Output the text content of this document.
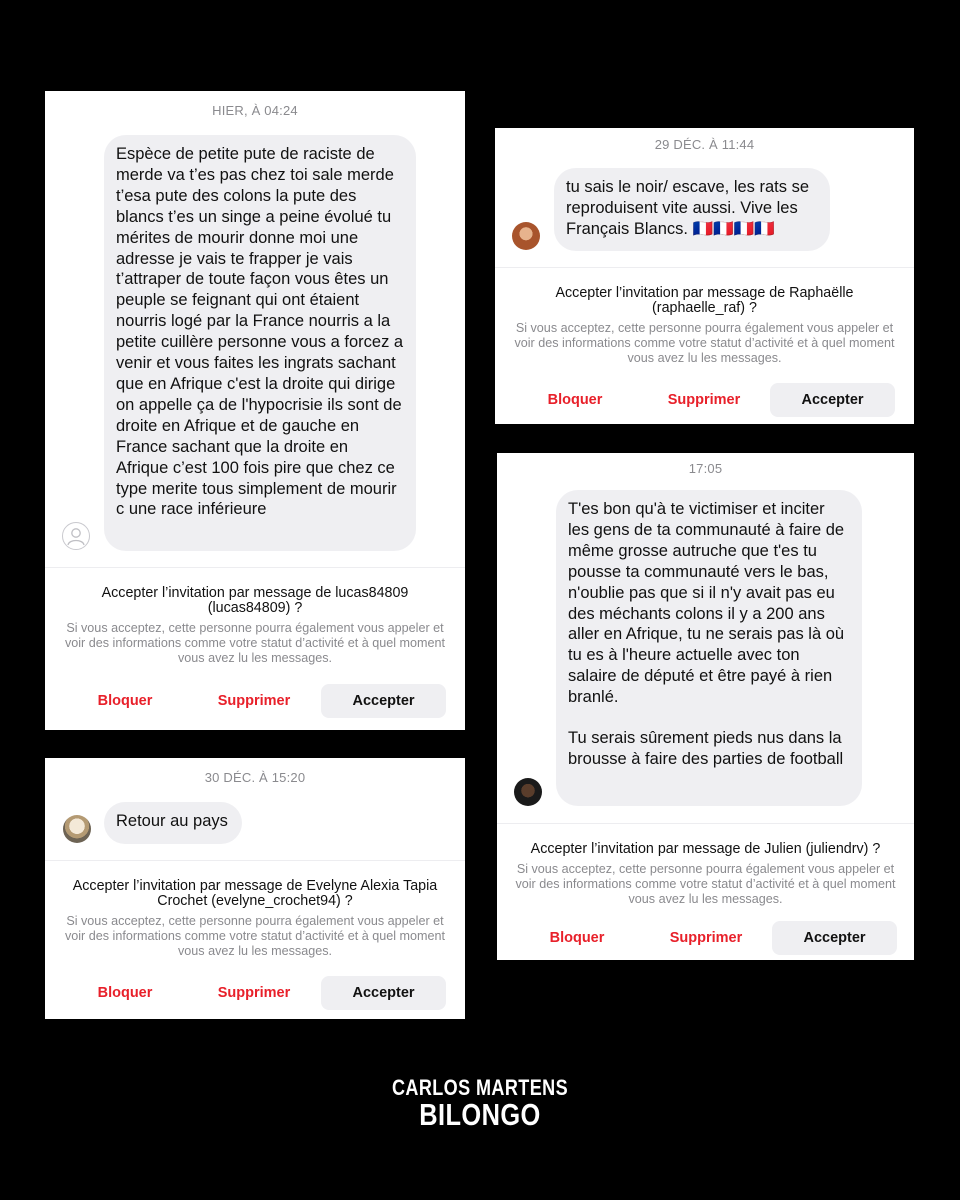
HIER, À 04:24

Espèce de petite pute de raciste de merde va t’es pas chez toi sale merde t’esa pute des colons la pute des blancs t’es un singe a peine évolué tu mérites de mourir donne moi une adresse je vais te frapper je vais t’attraper de toute façon vous êtes un peuple se feignant qui ont étaient nourris logé par la France nourris a la petite cuillère personne vous a forcez a venir et vous faites les ingrats sachant que en Afrique c'est la droite qui dirige on appelle ça de l'hypocrisie ils sont de droite en Afrique et de gauche en France sachant que la droite en Afrique c’est 100 fois pire que chez ce type merite tous simplement de mourir c une race inférieure

Accepter l’invitation par message de lucas84809 (lucas84809) ?
Si vous acceptez, cette personne pourra également vous appeler et voir des informations comme votre statut d’activité et à quel moment vous avez lu les messages.
Bloquer	Supprimer	Accepter
30 DÉC. À 15:20

Retour au pays

Accepter l’invitation par message de Evelyne Alexia Tapia Crochet (evelyne_crochet94) ?
Si vous acceptez, cette personne pourra également vous appeler et voir des informations comme votre statut d’activité et à quel moment vous avez lu les messages.
Bloquer	Supprimer	Accepter
29 DÉC. À 11:44

tu sais le noir/ escave, les rats se reproduisent vite aussi. Vive les Français Blancs. 🇫🇷🇫🇷🇫🇷🇫🇷

Accepter l’invitation par message de Raphaëlle (raphaelle_raf) ?
Si vous acceptez, cette personne pourra également vous appeler et voir des informations comme votre statut d’activité et à quel moment vous avez lu les messages.
Bloquer	Supprimer	Accepter
17:05

T'es bon qu'à te victimiser et inciter les gens de ta communauté à faire de même grosse autruche que t'es tu pousse ta communauté vers le bas, n'oublie pas que si il n'y avait pas eu des méchants colons il y a 200 ans aller en Afrique, tu ne serais pas là où tu es à l'heure actuelle avec ton salaire de député et être payé à rien branlé.

Tu serais sûrement pieds nus dans la brousse à faire des parties de football

Accepter l’invitation par message de Julien (juliendrv) ?
Si vous acceptez, cette personne pourra également vous appeler et voir des informations comme votre statut d’activité et à quel moment vous avez lu les messages.
Bloquer	Supprimer	Accepter
CARLOS MARTENS
BILONGO
